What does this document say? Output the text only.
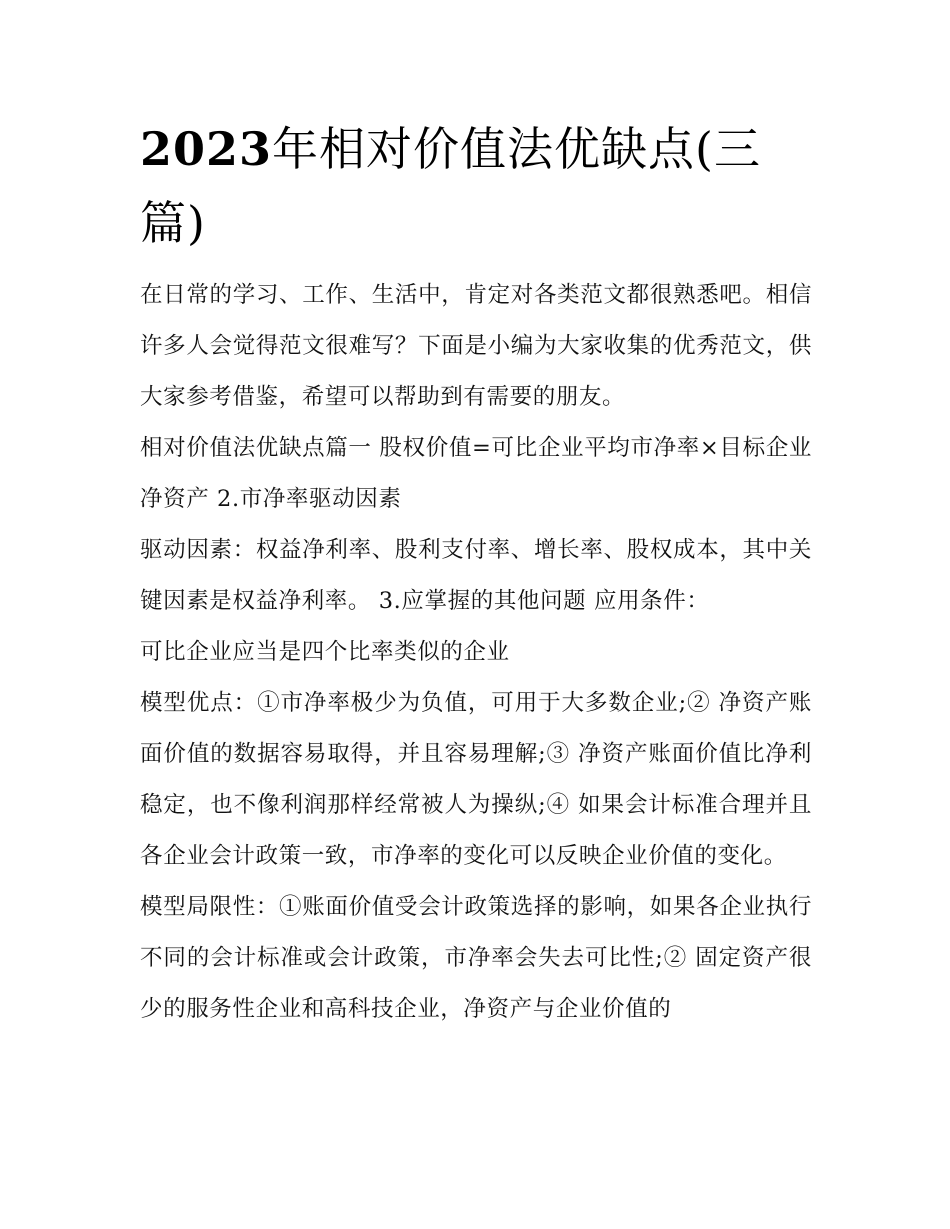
2023年相对价值法优缺点(三篇)

在日常的学习、工作、生活中，肯定对各类范文都很熟悉吧。相信许多人会觉得范文很难写？下面是小编为大家收集的优秀范文，供大家参考借鉴，希望可以帮助到有需要的朋友。

相对价值法优缺点篇一 股权价值=可比企业平均市净率×目标企业净资产 2.市净率驱动因素

驱动因素：权益净利率、股利支付率、增长率、股权成本，其中关键因素是权益净利率。 3.应掌握的其他问题 应用条件：

可比企业应当是四个比率类似的企业

模型优点：①市净率极少为负值，可用于大多数企业;② 净资产账面价值的数据容易取得，并且容易理解;③ 净资产账面价值比净利稳定，也不像利润那样经常被人为操纵;④ 如果会计标准合理并且各企业会计政策一致，市净率的变化可以反映企业价值的变化。

模型局限性：①账面价值受会计政策选择的影响，如果各企业执行不同的会计标准或会计政策，市净率会失去可比性;② 固定资产很少的服务性企业和高科技企业，净资产与企业价值的
